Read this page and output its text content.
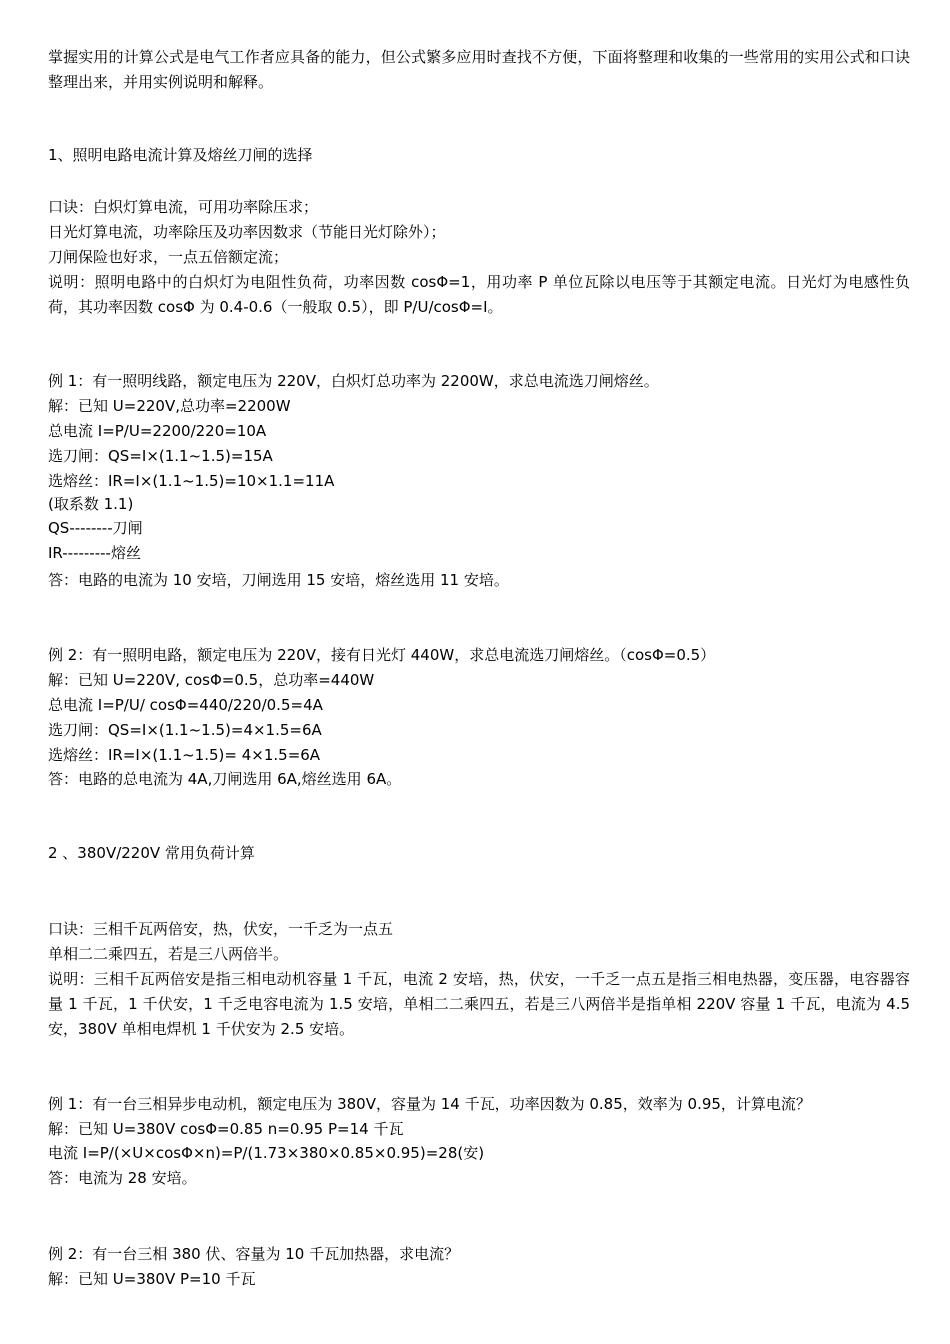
掌握实用的计算公式是电气工作者应具备的能力，但公式繁多应用时查找不方便，下面将整理和收集的一些常用的实用公式和口诀整理出来，并用实例说明和解释。
1、照明电路电流计算及熔丝刀闸的选择
口诀：白炽灯算电流，可用功率除压求；
日光灯算电流，功率除压及功率因数求（节能日光灯除外）；
刀闸保险也好求，一点五倍额定流；
说明：照明电路中的白炽灯为电阻性负荷，功率因数 cosΦ=1，用功率 P 单位瓦除以电压等于其额定电流。日光灯为电感性负荷，其功率因数 cosΦ 为 0.4-0.6（一般取 0.5），即 P/U/cosΦ=I。
例 1：有一照明线路，额定电压为 220V，白炽灯总功率为 2200W，求总电流选刀闸熔丝。
解：已知 U=220V,总功率=2200W
总电流 I=P/U=2200/220=10A
选刀闸：QS=I×(1.1~1.5)=15A
选熔丝：IR=I×(1.1~1.5)=10×1.1=11A
(取系数 1.1)
QS--------刀闸
IR---------熔丝
答：电路的电流为 10 安培，刀闸选用 15 安培，熔丝选用 11 安培。
例 2：有一照明电路，额定电压为 220V，接有日光灯 440W，求总电流选刀闸熔丝。（cosΦ=0.5）
解：已知 U=220V, cosΦ=0.5，总功率=440W
总电流 I=P/U/ cosΦ=440/220/0.5=4A
选刀闸：QS=I×(1.1~1.5)=4×1.5=6A
选熔丝：IR=I×(1.1~1.5)= 4×1.5=6A
答：电路的总电流为 4A,刀闸选用 6A,熔丝选用 6A。
2 、380V/220V 常用负荷计算
口诀：三相千瓦两倍安，热，伏安，一千乏为一点五
单相二二乘四五，若是三八两倍半。
说明：三相千瓦两倍安是指三相电动机容量 1 千瓦，电流 2 安培，热，伏安，一千乏一点五是指三相电热器，变压器，电容器容量 1 千瓦，1 千伏安，1 千乏电容电流为 1.5 安培，单相二二乘四五，若是三八两倍半是指单相 220V 容量 1 千瓦，电流为 4.5 安，380V 单相电焊机 1 千伏安为 2.5 安培。
例 1：有一台三相异步电动机，额定电压为 380V，容量为 14 千瓦，功率因数为 0.85，效率为 0.95，计算电流？
解：已知 U=380V cosΦ=0.85 n=0.95 P=14 千瓦
电流 I=P/(×U×cosΦ×n)=P/(1.73×380×0.85×0.95)=28(安)
答：电流为 28 安培。
例 2：有一台三相 380 伏、容量为 10 千瓦加热器，求电流？
解：已知 U=380V P=10 千瓦
